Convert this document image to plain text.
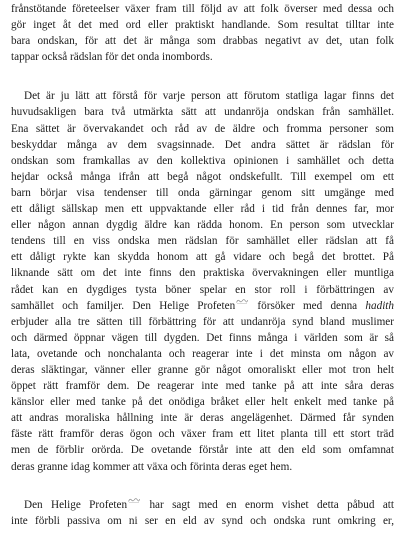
frånstötande företeelser växer fram till följd av att folk överser med dessa och
gör inget åt det med ord eller praktiskt handlande. Som resultat tilltar inte
bara ondskan, för att det är många som drabbas negativt av det, utan folk
tappar också rädslan för det onda inombords.
Det är ju lätt att förstå för varje person att förutom statliga lagar finns det
huvudsakligen bara två utmärkta sätt att undanröja ondskan från samhället.
Ena sättet är övervakandet och råd av de äldre och fromma personer som
beskyddar många av dem svagsinnade. Det andra sättet är rädslan för
ondskan som framkallas av den kollektiva opinionen i samhället och detta
hejdar också många ifrån att begå något ondskefullt. Till exempel om ett
barn börjar visa tendenser till onda gärningar genom sitt umgänge med
ett dåligt sällskap men ett uppvaktande eller råd i tid från dennes far, mor
eller någon annan dygdig äldre kan rädda honom. En person som utvecklar
tendens till en viss ondska men rädslan för samhället eller rädslan att få
ett dåligt rykte kan skydda honom att gå vidare och begå det brottet. På
liknande sätt om det inte finns den praktiska övervakningen eller muntliga
rådet kan en dygdiges tysta böner spelar en stor roll i förbättringen av
samhället och familjer. Den Helige Profeten försöker med denna hadith
erbjuder alla tre sätten till förbättring för att undanröja synd bland muslimer
och därmed öppnar vägen till dygden. Det finns många i världen som är så
lata, ovetande och nonchalanta och reagerar inte i det minsta om någon av
deras släktingar, vänner eller granne gör något omoraliskt eller mot tron helt
öppet rätt framför dem. De reagerar inte med tanke på att inte såra deras
känslor eller med tanke på det onödiga bråket eller helt enkelt med tanke på
att andras moraliska hållning inte är deras angelägenhet. Därmed får synden
fäste rätt framför deras ögon och växer fram ett litet planta till ett stort träd
men de förblir orörda. De ovetande förstår inte att den eld som omfamnat
deras granne idag kommer att växa och förinta deras eget hem.
Den Helige Profeten har sagt med en enorm vishet detta påbud att
inte förbli passiva om ni ser en eld av synd och ondska runt omkring er,
